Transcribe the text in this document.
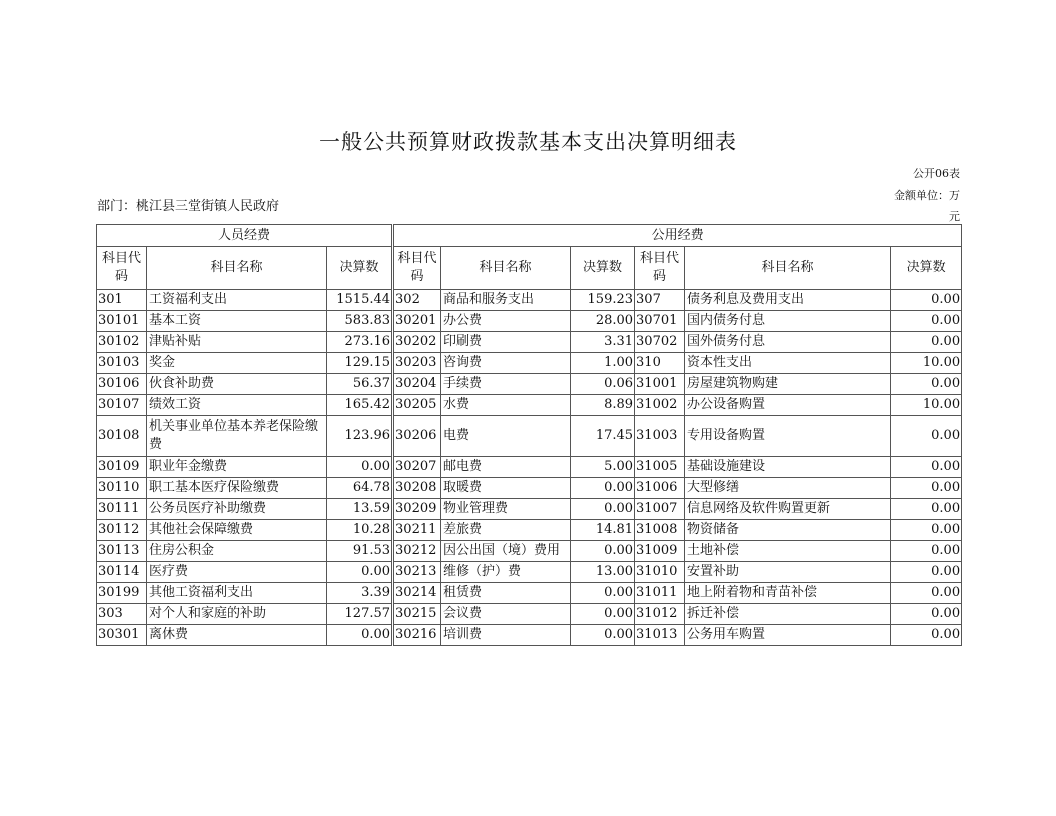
一般公共预算财政拨款基本支出决算明细表
公开06表
金额单位：万
元
部门：桃江县三堂街镇人民政府
人员经费			公用经费					
科目代码	科目名称	决算数	科目代码	科目名称	决算数	科目代码	科目名称	决算数
301	工资福利支出	1515.44	302	商品和服务支出	159.23	307	债务利息及费用支出	0.00
30101	基本工资	583.83	30201	办公费	28.00	30701	国内债务付息	0.00
30102	津贴补贴	273.16	30202	印刷费	3.31	30702	国外债务付息	0.00
30103	奖金	129.15	30203	咨询费	1.00	310	资本性支出	10.00
30106	伙食补助费	56.37	30204	手续费	0.06	31001	房屋建筑物购建	0.00
30107	绩效工资	165.42	30205	水费	8.89	31002	办公设备购置	10.00
30108	机关事业单位基本养老保险缴费	123.96	30206	电费	17.45	31003	专用设备购置	0.00
30109	职业年金缴费	0.00	30207	邮电费	5.00	31005	基础设施建设	0.00
30110	职工基本医疗保险缴费	64.78	30208	取暖费	0.00	31006	大型修缮	0.00
30111	公务员医疗补助缴费	13.59	30209	物业管理费	0.00	31007	信息网络及软件购置更新	0.00
30112	其他社会保障缴费	10.28	30211	差旅费	14.81	31008	物资储备	0.00
30113	住房公积金	91.53	30212	因公出国（境）费用	0.00	31009	土地补偿	0.00
30114	医疗费	0.00	30213	维修（护）费	13.00	31010	安置补助	0.00
30199	其他工资福利支出	3.39	30214	租赁费	0.00	31011	地上附着物和青苗补偿	0.00
303	对个人和家庭的补助	127.57	30215	会议费	0.00	31012	拆迁补偿	0.00
30301	离休费	0.00	30216	培训费	0.00	31013	公务用车购置	0.00
